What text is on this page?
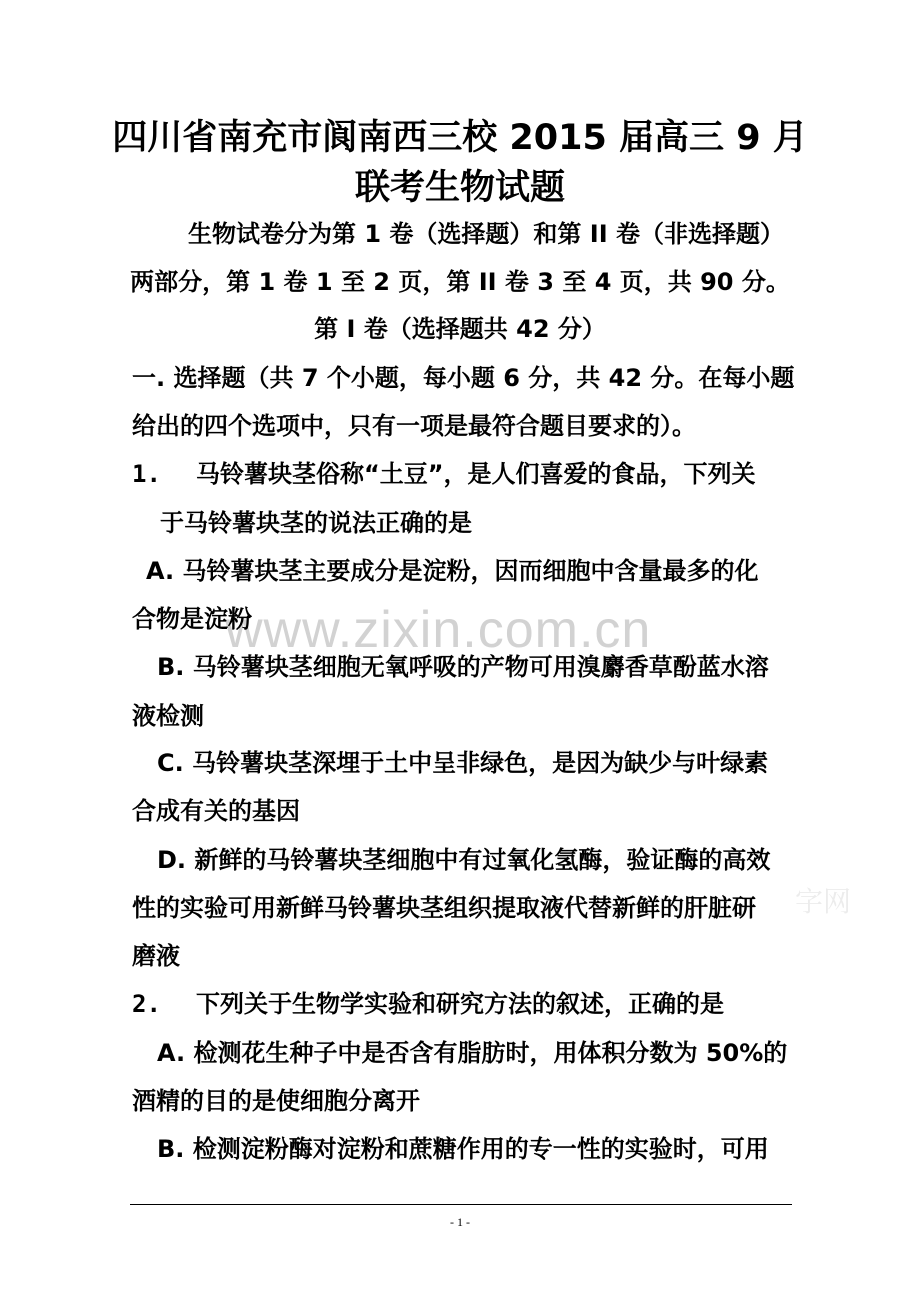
www.zixin.com.cn
字网
四川省南充市阆南西三校 2015 届高三 9 月
联考生物试题
生物试卷分为第 1 卷（选择题）和第 II 卷（非选择题）
两部分，第 1 卷 1 至 2 页，第 II 卷 3 至 4 页，共 90 分。
第 I 卷（选择题共 42 分）
一. 选择题（共 7 个小题，每小题 6 分，共 42 分。在每小题
给出的四个选项中，只有一项是最符合题目要求的）。
1. 马铃薯块茎俗称“土豆”，是人们喜爱的食品，下列关
于马铃薯块茎的说法正确的是
A. 马铃薯块茎主要成分是淀粉，因而细胞中含量最多的化
合物是淀粉
B. 马铃薯块茎细胞无氧呼吸的产物可用溴麝香草酚蓝水溶
液检测
C. 马铃薯块茎深埋于土中呈非绿色，是因为缺少与叶绿素
合成有关的基因
D. 新鲜的马铃薯块茎细胞中有过氧化氢酶，验证酶的高效
性的实验可用新鲜马铃薯块茎组织提取液代替新鲜的肝脏研
磨液
2. 下列关于生物学实验和研究方法的叙述，正确的是
A. 检测花生种子中是否含有脂肪时，用体积分数为 50%的
酒精的目的是使细胞分离开
B. 检测淀粉酶对淀粉和蔗糖作用的专一性的实验时，可用
- 1 -
